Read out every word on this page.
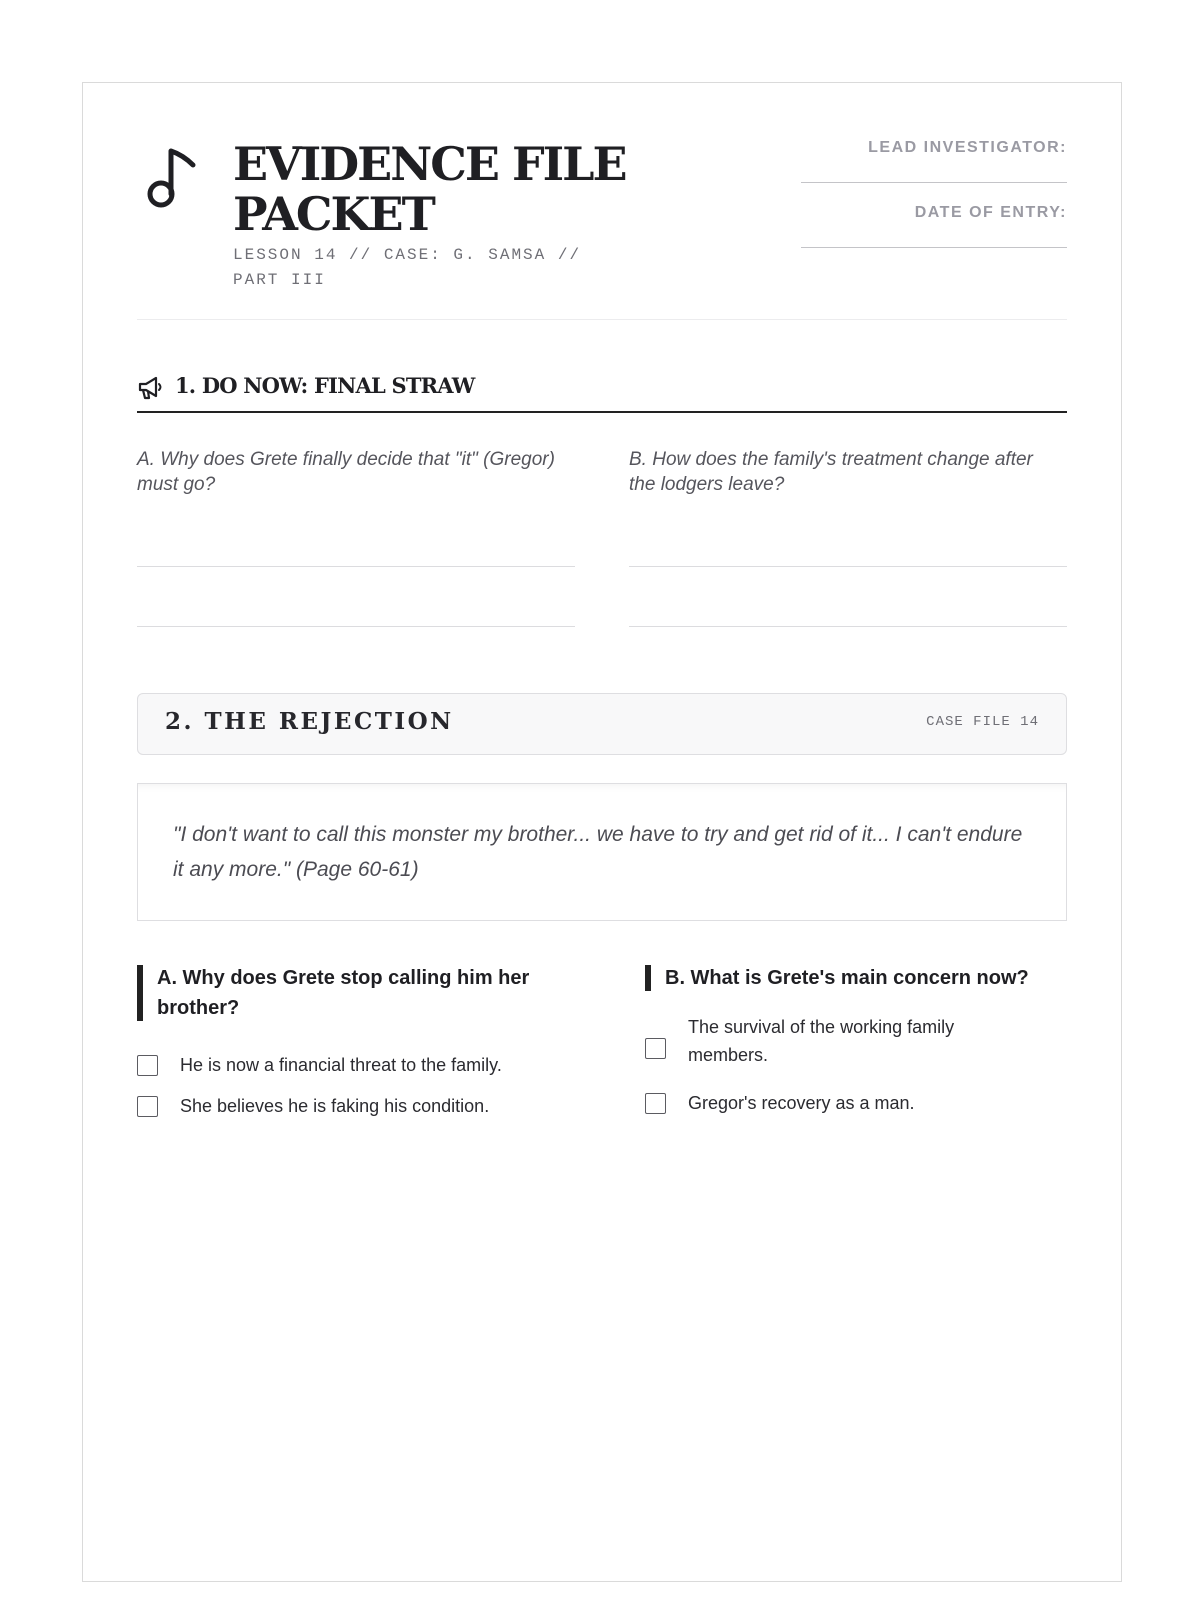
EVIDENCE FILE PACKET
LESSON 14 // CASE: G. SAMSA // PART III
LEAD INVESTIGATOR:
DATE OF ENTRY:
1. DO NOW: FINAL STRAW
A. Why does Grete finally decide that "it" (Gregor) must go?
B. How does the family's treatment change after the lodgers leave?
2. THE REJECTION	CASE FILE 14

"I don't want to call this monster my brother... we have to try and get rid of it... I can't endure it any more." (Page 60-61)

A. Why does Grete stop calling him her brother?

He is now a financial threat to the family.
She believes he is faking his condition.

B. What is Grete's main concern now?

The survival of the working family members.
Gregor's recovery as a man.
